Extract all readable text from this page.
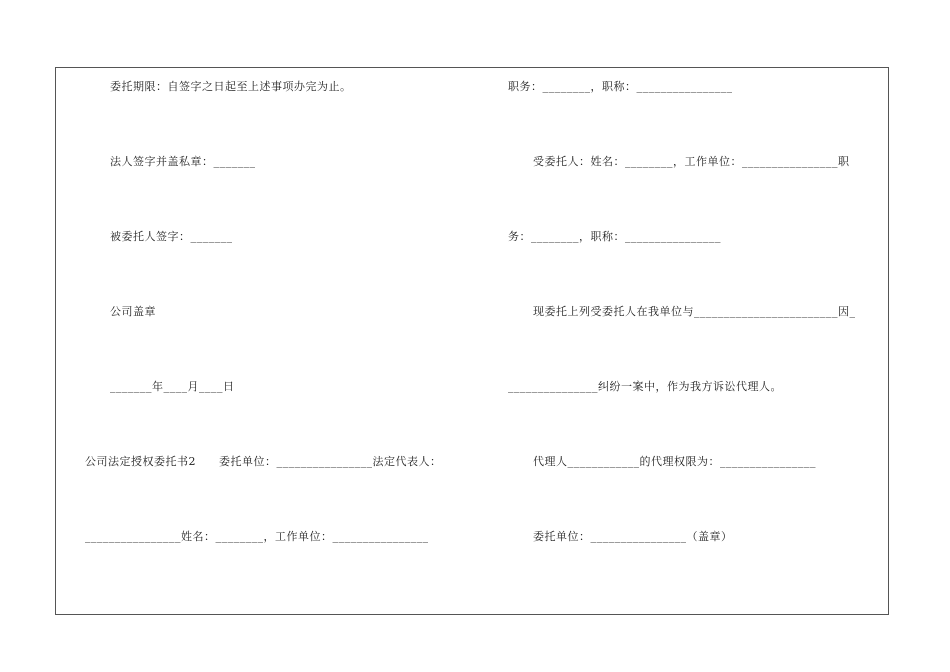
委托期限：自签字之日起至上述事项办完为止。
法人签字并盖私章：_______
被委托人签字：_______
公司盖章
_______年____月____日
公司法定授权委托书2　　委托单位：________________法定代表人：
________________姓名：________，工作单位：________________
职务：________，职称：________________
受委托人：姓名：________，工作单位：________________职
务：________，职称：________________
现委托上列受委托人在我单位与________________________因_
_______________纠纷一案中，作为我方诉讼代理人。
代理人____________的代理权限为：________________
委托单位：________________（盖章）
